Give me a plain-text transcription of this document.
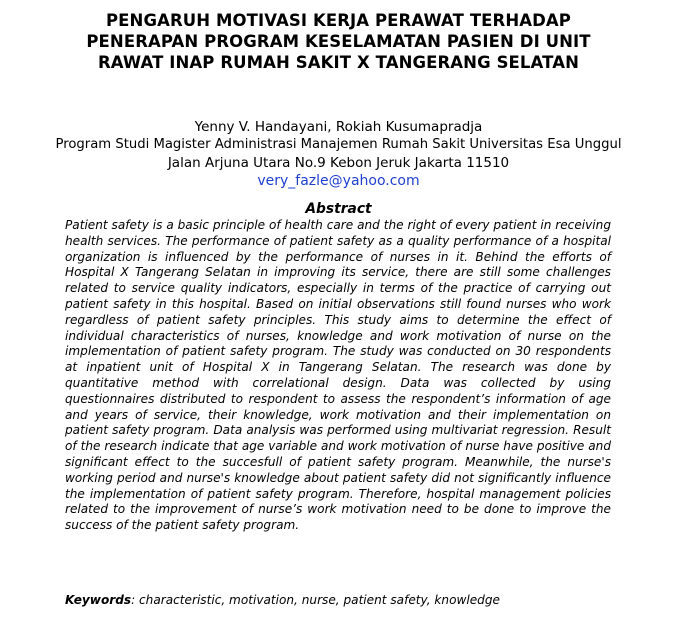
PENGARUH MOTIVASI KERJA PERAWAT TERHADAP PENERAPAN PROGRAM KESELAMATAN PASIEN DI UNIT RAWAT INAP RUMAH SAKIT X TANGERANG SELATAN
Yenny V. Handayani, Rokiah Kusumapradja
Program Studi Magister Administrasi Manajemen Rumah Sakit Universitas Esa Unggul
Jalan Arjuna Utara No.9 Kebon Jeruk Jakarta 11510
very_fazle@yahoo.com
Abstract

Patient safety is a basic principle of health care and the right of every patient in receiving health services. The performance of patient safety as a quality performance of a hospital organization is influenced by the performance of nurses in it. Behind the efforts of Hospital X Tangerang Selatan in improving its service, there are still some challenges related to service quality indicators, especially in terms of the practice of carrying out patient safety in this hospital. Based on initial observations still found nurses who work regardless of patient safety principles. This study aims to determine the effect of individual characteristics of nurses, knowledge and work motivation of nurse on the implementation of patient safety program. The study was conducted on 30 respondents at inpatient unit of Hospital X in Tangerang Selatan. The research was done by quantitative method with correlational design. Data was collected by using questionnaires distributed to respondent to assess the respondent’s information of age and years of service, their knowledge, work motivation and their implementation on patient safety program. Data analysis was performed using multivariat regression. Result of the research indicate that age variable and work motivation of nurse have positive and significant effect to the succesfull of patient safety program. Meanwhile, the nurse's working period and nurse's knowledge about patient safety did not significantly influence the implementation of patient safety program. Therefore, hospital management policies related to the improvement of nurse’s work motivation need to be done to improve the success of the patient safety program.

Keywords: characteristic, motivation, nurse, patient safety, knowledge
